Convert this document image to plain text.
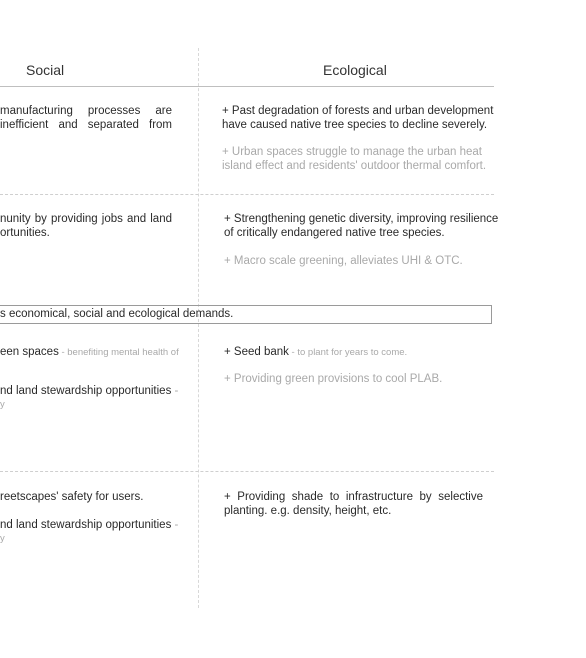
Social	Ecological
manufacturing processes are
inefficient and separated from
+ Past degradation of forests and urban development
have caused native tree species to decline severely.
+ Urban spaces struggle to manage the urban heat
island effect and residents' outdoor thermal comfort.
nunity by providing jobs and land
ortunities.
+ Strengthening genetic diversity, improving resilience
of critically endangered native tree species.
+ Macro scale greening, alleviates UHI & OTC.
s economical, social and ecological demands.
een spaces - benefiting mental health of
nd land stewardship opportunities -
y
+ Seed bank - to plant for years to come.
+ Providing green provisions to cool PLAB.
reetscapes' safety for users.
nd land stewardship opportunities -
y
+ Providing shade to infrastructure by selective
planting. e.g. density, height, etc.
